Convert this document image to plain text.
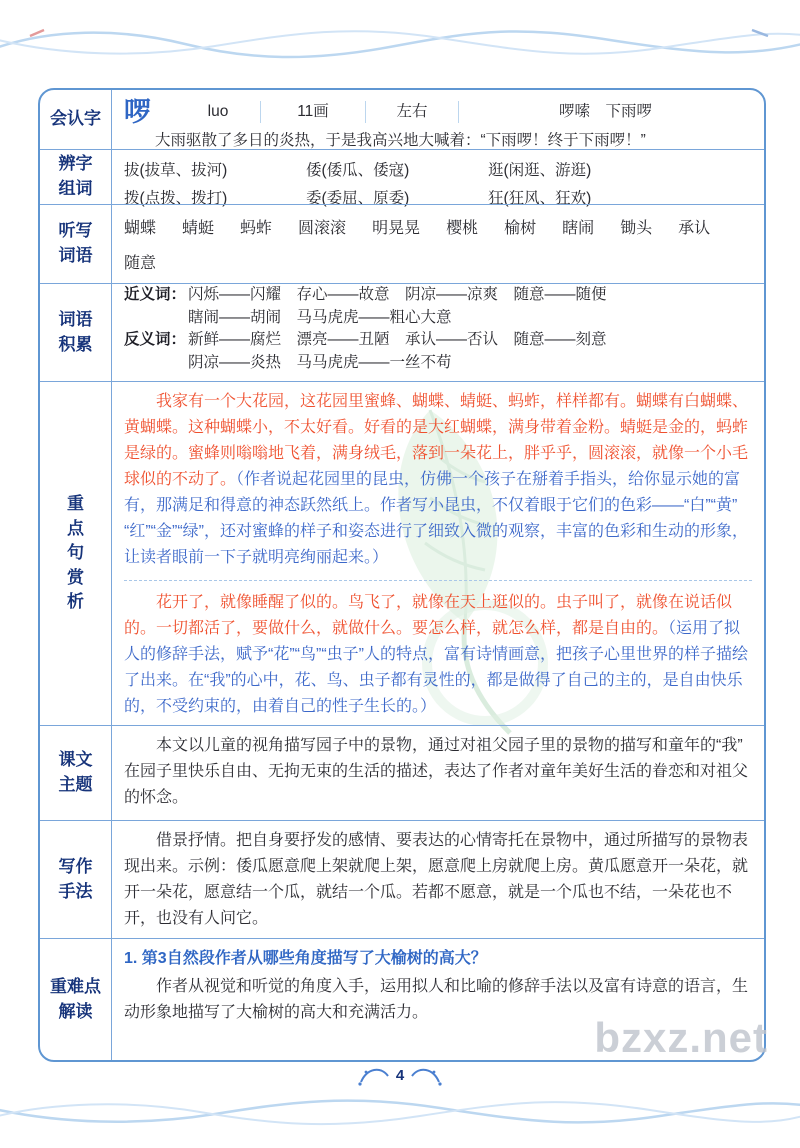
会认字 啰	luo	11画	左右	啰嗦　下雨啰
大雨驱散了多日的炎热，于是我高兴地大喊着：“下雨啰！终于下雨啰！”
辨字
组词
拔(拔草、拔河)	倭(倭瓜、倭寇)	逛(闲逛、游逛)
拨(点拨、拨打)	委(委屈、原委)	狂(狂风、狂欢)
听写
词语
蝴蝶 蜻蜓 蚂蚱 圆滚滚 明晃晃 樱桃 榆树 瞎闹 锄头 承认
随意
词语
积累
近义词： 闪烁——闪耀　存心——故意　阴凉——凉爽　随意——随便
瞎闹——胡闹　马马虎虎——粗心大意
反义词： 新鲜——腐烂　漂亮——丑陋　承认——否认　随意——刻意
阴凉——炎热　马马虎虎——一丝不苟
重
点
句
赏
析
我家有一个大花园，这花园里蜜蜂、蝴蝶、蜻蜓、蚂蚱，样样都有。蝴蝶有白蝴蝶、黄蝴蝶。这种蝴蝶小，不太好看。好看的是大红蝴蝶，满身带着金粉。蜻蜓是金的，蚂蚱是绿的。蜜蜂则嗡嗡地飞着，满身绒毛，落到一朵花上，胖乎乎，圆滚滚，就像一个小毛球似的不动了。（作者说起花园里的昆虫，仿佛一个孩子在掰着手指头，给你显示她的富有，那满足和得意的神态跃然纸上。作者写小昆虫，不仅着眼于它们的色彩——“白”“黄”“红”“金”“绿”，还对蜜蜂的样子和姿态进行了细致入微的观察，丰富的色彩和生动的形象，让读者眼前一下子就明亮绚丽起来。）
花开了，就像睡醒了似的。鸟飞了，就像在天上逛似的。虫子叫了，就像在说话似的。一切都活了，要做什么，就做什么。要怎么样，就怎么样，都是自由的。（运用了拟人的修辞手法，赋予“花”“鸟”“虫子”人的特点，富有诗情画意，把孩子心里世界的样子描绘了出来。在“我”的心中，花、鸟、虫子都有灵性的，都是做得了自己的主的，是自由快乐的，不受约束的，由着自己的性子生长的。）
课文
主题
本文以儿童的视角描写园子中的景物，通过对祖父园子里的景物的描写和童年的“我”在园子里快乐自由、无拘无束的生活的描述，表达了作者对童年美好生活的眷恋和对祖父的怀念。
写作
手法
借景抒情。把自身要抒发的感情、要表达的心情寄托在景物中，通过所描写的景物表现出来。示例：倭瓜愿意爬上架就爬上架，愿意爬上房就爬上房。黄瓜愿意开一朵花，就开一朵花，愿意结一个瓜，就结一个瓜。若都不愿意，就是一个瓜也不结，一朵花也不开，也没有人问它。
重难点
解读
1. 第3自然段作者从哪些角度描写了大榆树的高大？
作者从视觉和听觉的角度入手，运用拟人和比喻的修辞手法以及富有诗意的语言，生动形象地描写了大榆树的高大和充满活力。
bzxz.net
4
